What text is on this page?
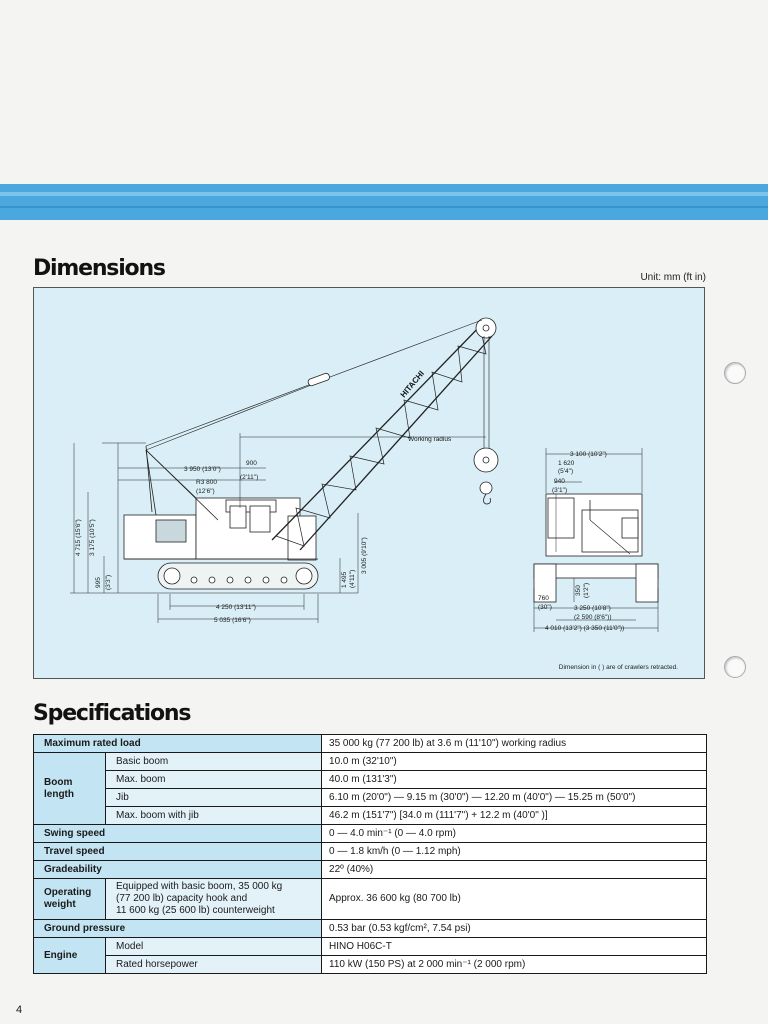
Dimensions	Unit: mm (ft in)
HITACHI
Working radius
3 950 (13'0")
900
(2'11")
R3 800
(12'6")
4 715 (15'6") 3 175 (10'5")
995 (3'3")	1 495 (4'11")
3 005 (9'10")
4 250 (13'11")
5 035 (16'6")
3 100 (10'2")
1 620
(5'4")
940
(3'1")
350 (1'2")
760
(30")	3 250 (10'8")
(2 590 (8'6"))
4 010 (13'2") (3 350 (11'0"))
Dimension in ( ) are of crawlers retracted.
Specifications
Maximum rated load		35 000 kg (77 200 lb) at 3.6 m (11'10") working radius
Boom
length	Basic boom	10.0 m (32'10")
	Max. boom	40.0 m (131'3")
	Jib	6.10 m (20'0") — 9.15 m (30'0") — 12.20 m (40'0") — 15.25 m (50'0")
	Max. boom with jib	46.2 m (151'7") [34.0 m (111'7") + 12.2 m (40'0" )]
Swing speed		0 — 4.0 min⁻¹ (0 — 4.0 rpm)
Travel speed		0 — 1.8 km/h (0 — 1.12 mph)
Gradeability		22º (40%)
Operating
weight	Equipped with basic boom, 35 000 kg
(77 200 lb) capacity hook and
11 600 kg (25 600 lb) counterweight	Approx. 36 600 kg (80 700 lb)
Ground pressure		0.53 bar (0.53 kgf/cm², 7.54 psi)
Engine	Model	HINO H06C-T
	Rated horsepower	110 kW (150 PS) at 2 000 min⁻¹ (2 000 rpm)
4
